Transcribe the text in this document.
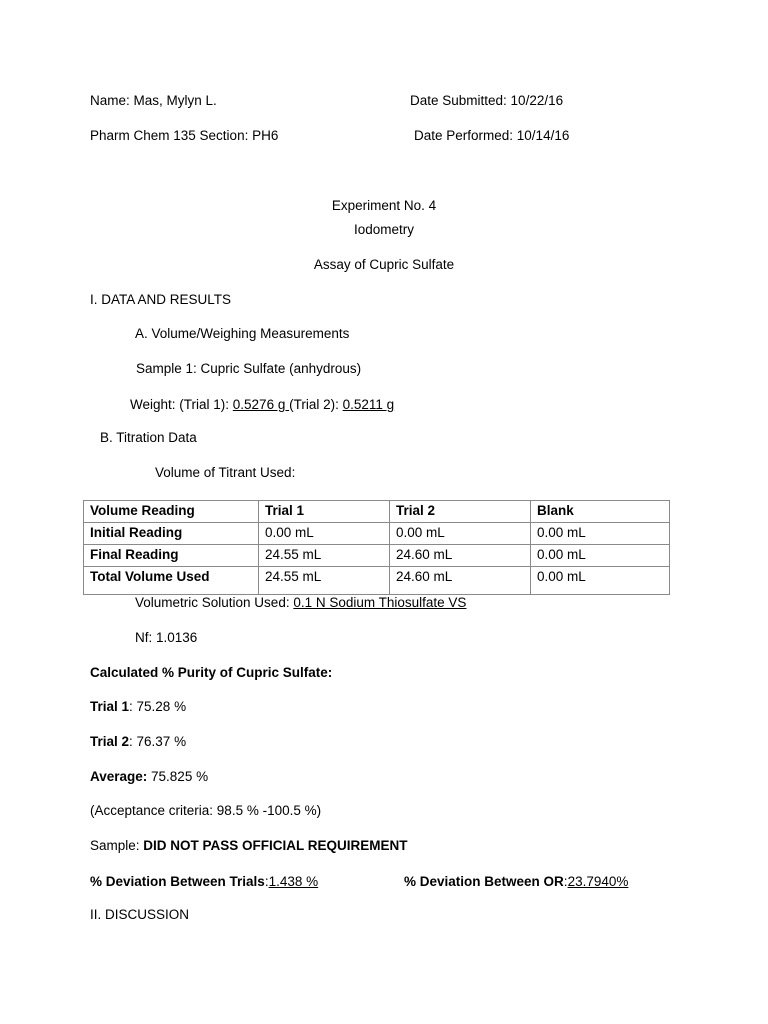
Name: Mas, Mylyn L.	Date Submitted: 10/22/16
Pharm Chem 135 Section: PH6	Date Performed: 10/14/16
Experiment No. 4
Iodometry
Assay of Cupric Sulfate
I. DATA AND RESULTS
A. Volume/Weighing Measurements
Sample 1: Cupric Sulfate (anhydrous)
Weight: (Trial 1): 0.5276 g (Trial 2): 0.5211 g
B. Titration Data
Volume of Titrant Used:
Volume Reading	Trial 1	Trial 2	Blank
Initial Reading	0.00 mL	0.00 mL	0.00 mL
Final Reading	24.55 mL	24.60 mL	0.00 mL
Total Volume Used	24.55 mL	24.60 mL	0.00 mL
Volumetric Solution Used: 0.1 N Sodium Thiosulfate VS
Nf: 1.0136
Calculated % Purity of Cupric Sulfate:
Trial 1: 75.28 %
Trial 2: 76.37 %
Average: 75.825 %
(Acceptance criteria: 98.5 % -100.5 %)
Sample: DID NOT PASS OFFICIAL REQUIREMENT
% Deviation Between Trials:1.438 %	% Deviation Between OR:23.7940%
II. DISCUSSION
